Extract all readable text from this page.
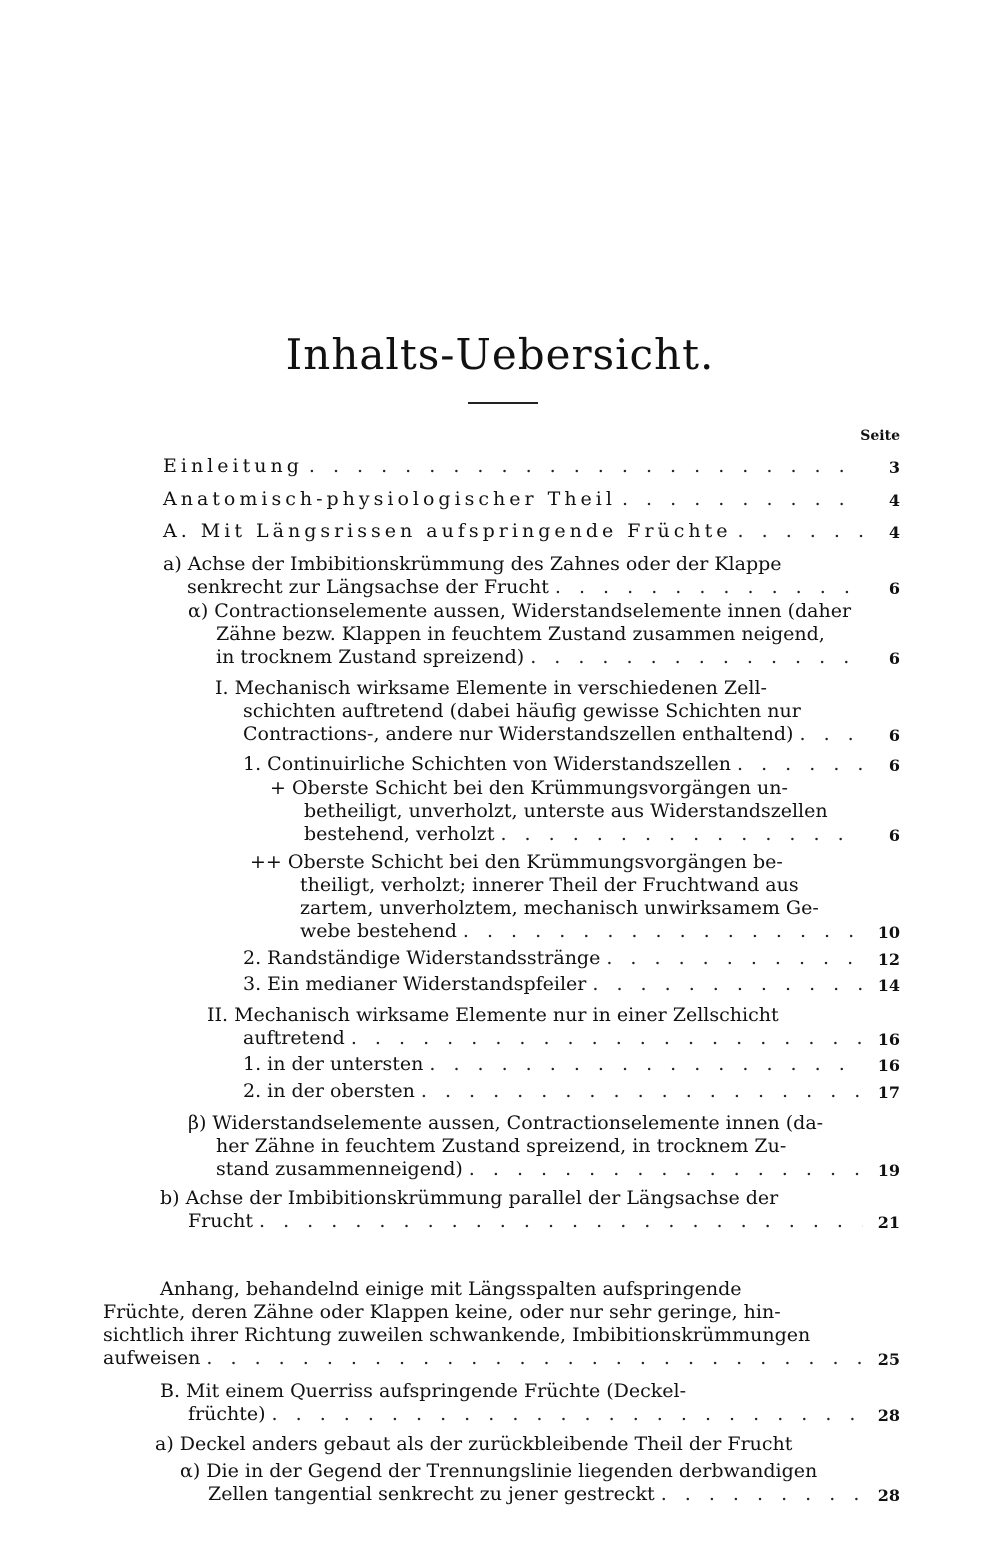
Inhalts-Uebersicht.
Seite
Einleitung . . .	3
Anatomisch-physiologischer Theil . . .	4
A. Mit Längsrissen aufspringende Früchte . . .	4
a) Achse der Imbibitionskrümmung des Zahnes oder der Klappe
senkrecht zur Längsachse der Frucht . . .	6
α) Contractionselemente aussen, Widerstandselemente innen (daher
Zähne bezw. Klappen in feuchtem Zustand zusammen neigend,
in trocknem Zustand spreizend) . . .	6
I. Mechanisch wirksame Elemente in verschiedenen Zell-
schichten auftretend (dabei häufig gewisse Schichten nur
Contractions-, andere nur Widerstandszellen enthaltend) . . .	6
1. Continuirliche Schichten von Widerstandszellen . . .	6
+ Oberste Schicht bei den Krümmungsvorgängen un-
betheiligt, unverholzt, unterste aus Widerstandszellen
bestehend, verholzt . . .	6
++ Oberste Schicht bei den Krümmungsvorgängen be-
theiligt, verholzt; innerer Theil der Fruchtwand aus
zartem, unverholztem, mechanisch unwirksamem Ge-
webe bestehend . . .	10
2. Randständige Widerstandsstränge . . .	12
3. Ein medianer Widerstandspfeiler . . .	14
II. Mechanisch wirksame Elemente nur in einer Zellschicht
auftretend . . .	16
1. in der untersten . . .	16
2. in der obersten . . .	17
β) Widerstandselemente aussen, Contractionselemente innen (da-
her Zähne in feuchtem Zustand spreizend, in trocknem Zu-
stand zusammenneigend) . . .	19
b) Achse der Imbibitionskrümmung parallel der Längsachse der
Frucht . . .	21
Anhang, behandelnd einige mit Längsspalten aufspringende
Früchte, deren Zähne oder Klappen keine, oder nur sehr geringe, hin-
sichtlich ihrer Richtung zuweilen schwankende, Imbibitionskrümmungen
aufweisen . . .	25
B. Mit einem Querriss aufspringende Früchte (Deckel-
früchte) . . .	28
a) Deckel anders gebaut als der zurückbleibende Theil der Frucht
α) Die in der Gegend der Trennungslinie liegenden derbwandigen
Zellen tangential senkrecht zu jener gestreckt . . .	28
